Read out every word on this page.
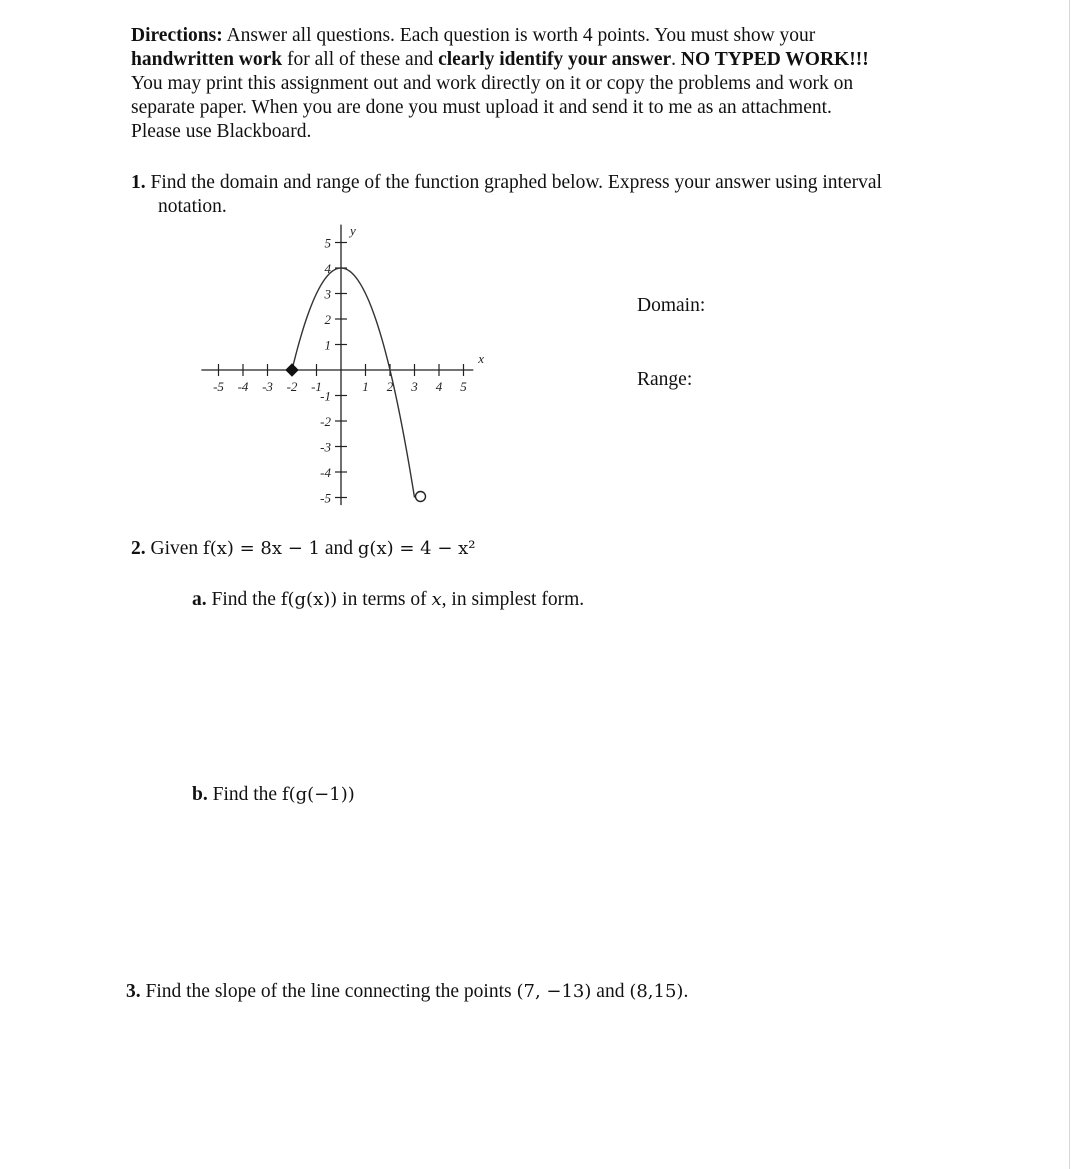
Directions: Answer all questions. Each question is worth 4 points. You must show your
handwritten work for all of these and clearly identify your answer. NO TYPED WORK!!!
You may print this assignment out and work directly on it or copy the problems and work on
separate paper. When you are done you must upload it and send it to me as an attachment.
Please use Blackboard.
1. Find the domain and range of the function graphed below. Express your answer using interval
notation.
-5 -4 -3 -2 -1	1 2 3 4 5
5
4
3
2
1
-1
-2
-3
-4
-5
x
y
Domain:
Range:
2. Given f(x) = 8x − 1 and g(x) = 4 − x²
a. Find the f(g(x)) in terms of x, in simplest form.
b. Find the f(g(−1))
3. Find the slope of the line connecting the points (7, −13) and (8,15).
